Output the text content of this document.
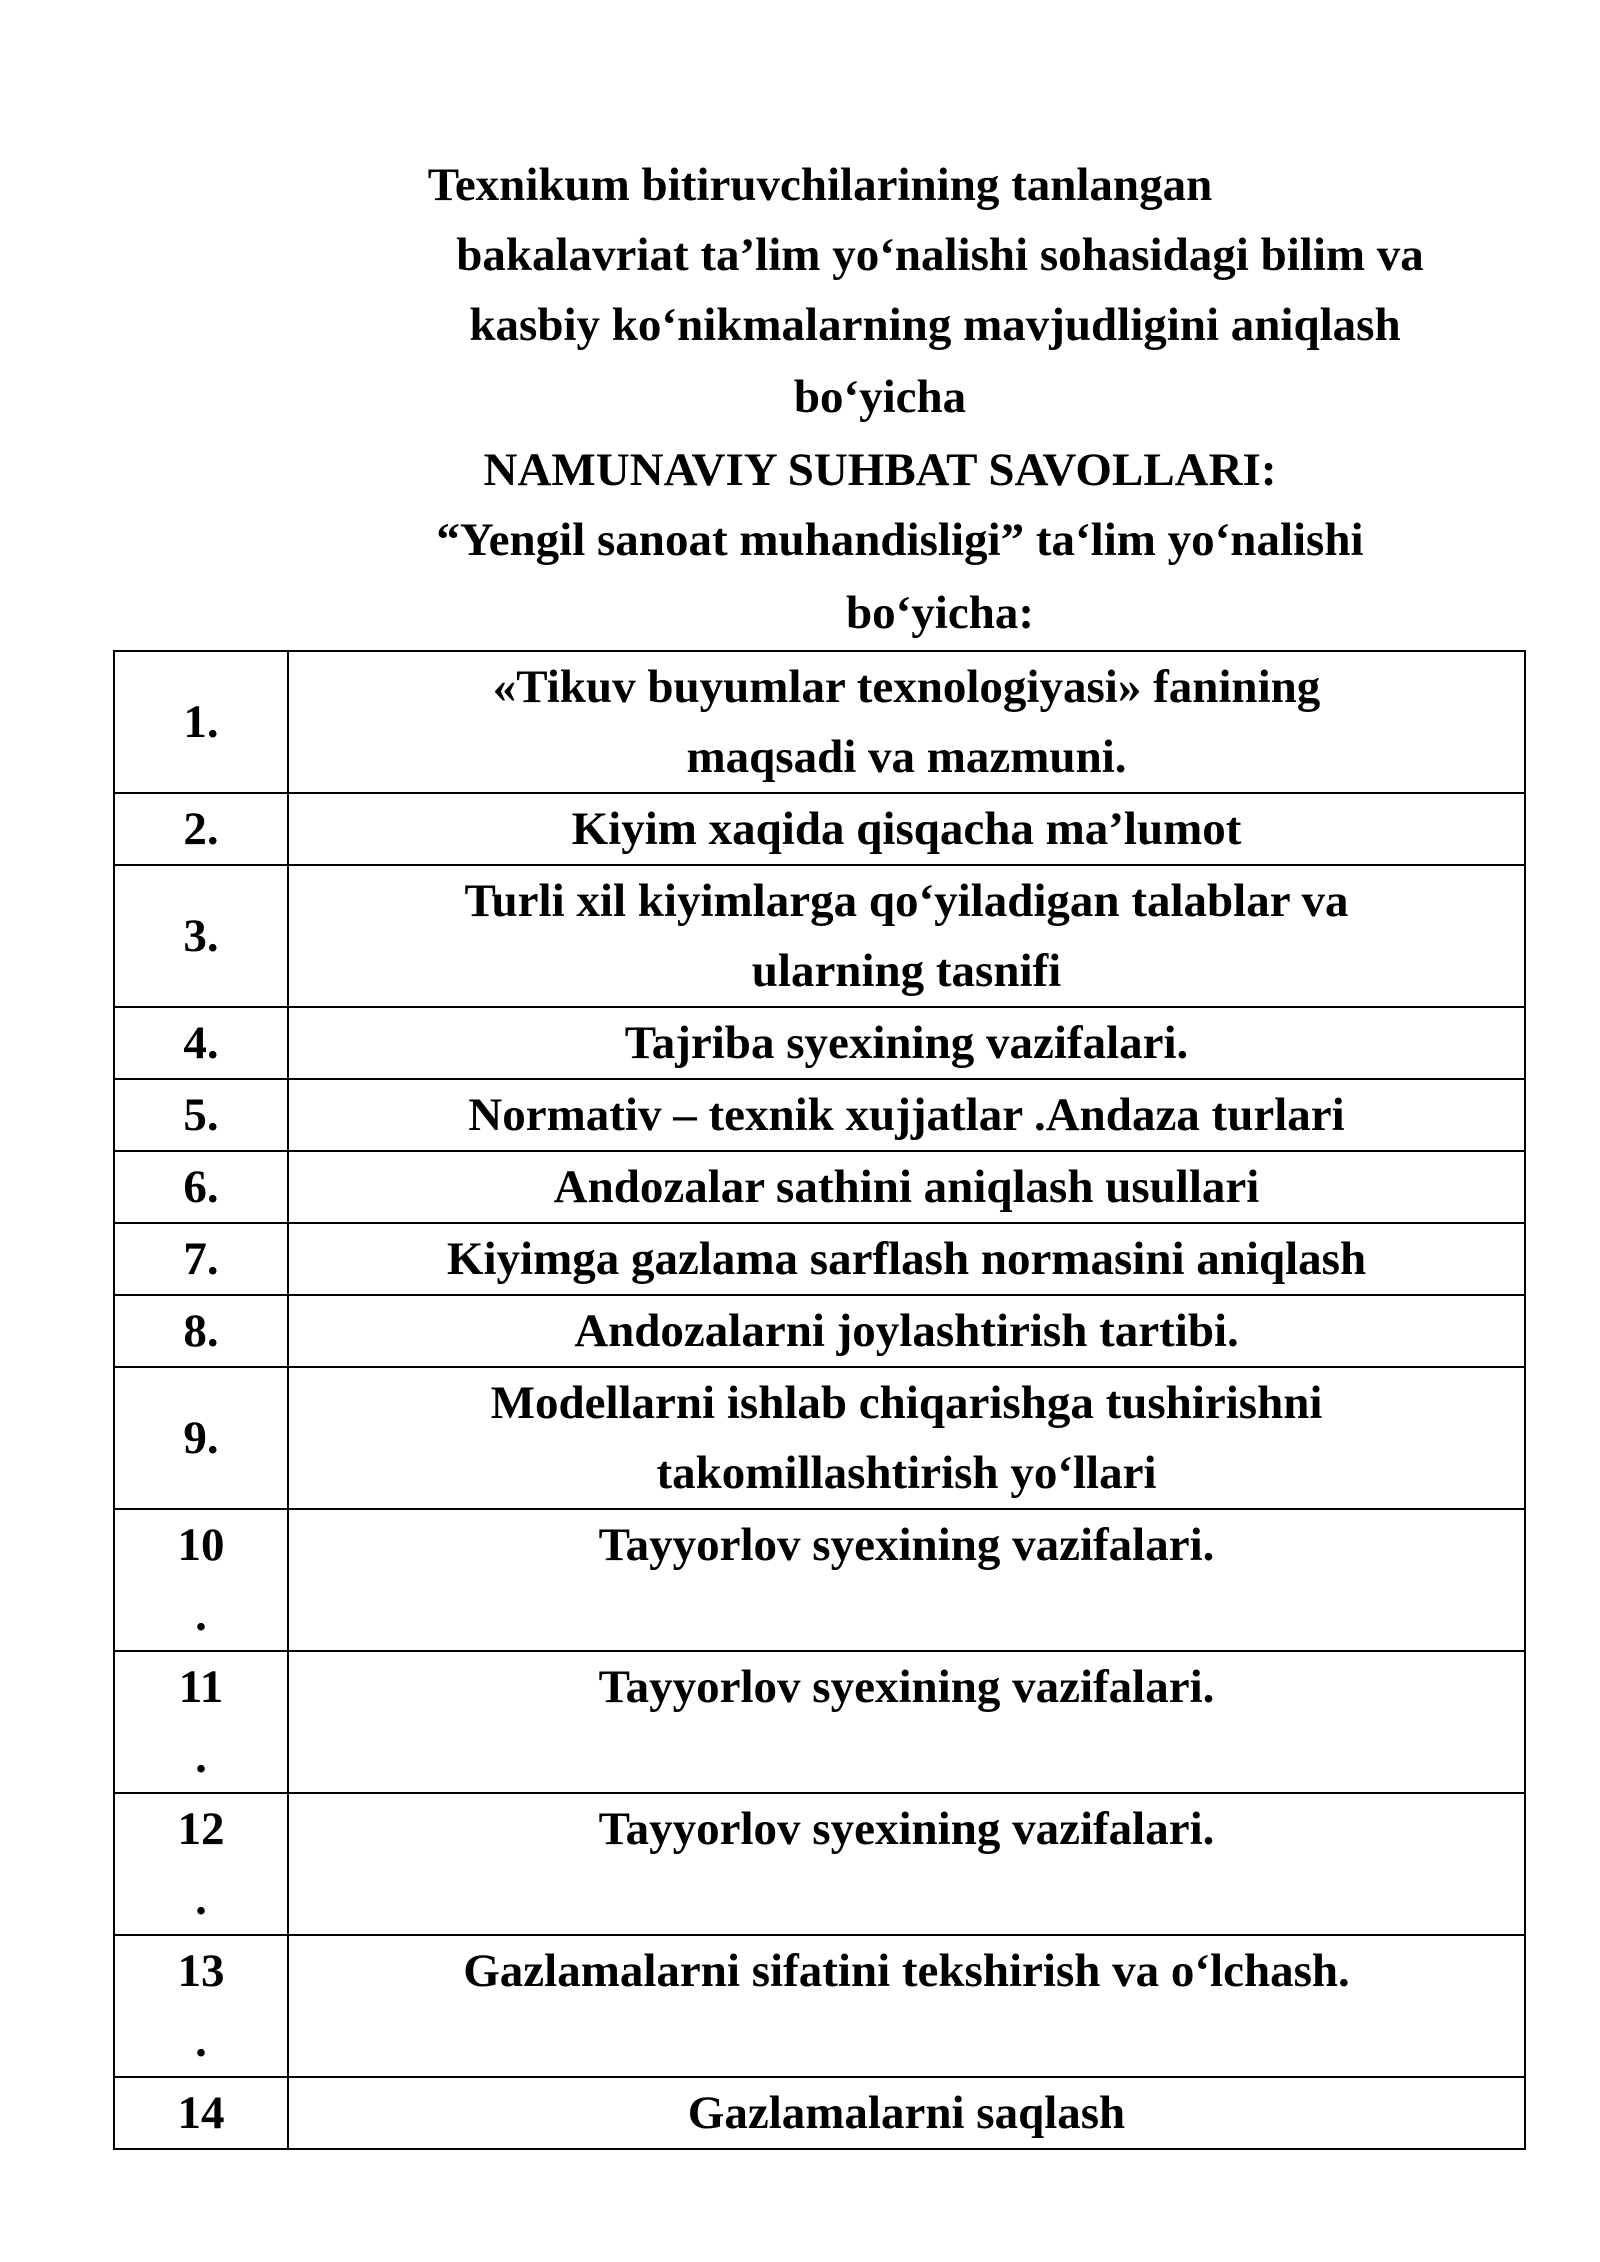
Texnikum bitiruvchilarining tanlangan
bakalavriat ta’lim yo‘nalishi sohasidagi bilim va
kasbiy ko‘nikmalarning mavjudligini aniqlash
bo‘yicha
NAMUNAVIY SUHBAT SAVOLLARI:
“Yengil sanoat muhandisligi” ta‘lim yo‘nalishi
bo‘yicha:
1.	«Tikuv buyumlar texnologiyasi» fanining
maqsadi va mazmuni.
2.	Kiyim xaqida qisqacha ma’lumot
3.	Turli xil kiyimlarga qo‘yiladigan talablar va
ularning tasnifi
4.	Tajriba syexining vazifalari.
5.	Normativ – texnik xujjatlar .Andaza turlari
6.	Andozalar sathini aniqlash usullari
7.	Kiyimga gazlama sarflash normasini aniqlash
8.	Andozalarni joylashtirish tartibi.
9.	Modellarni ishlab chiqarishga tushirishni
takomillashtirish yo‘llari

10
.	Tayyorlov syexining vazifalari.

11
.	Tayyorlov syexining vazifalari.

12
.	Tayyorlov syexining vazifalari.

13
.	Gazlamalarni sifatini tekshirish va o‘lchash.
14	Gazlamalarni saqlash
